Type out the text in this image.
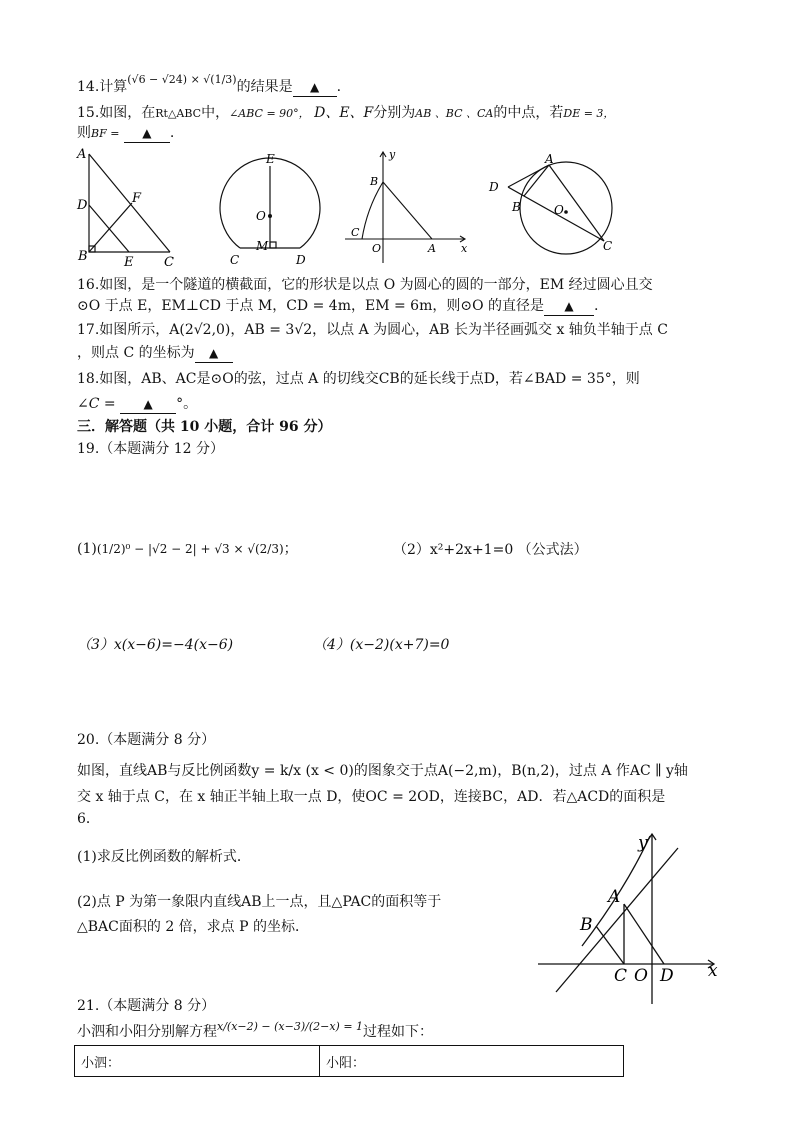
14.计算$^{(√6 - √24) \times √(1/3)}$的结果是 ▲ .
15.如图，在Rt△ABC中，∠ABC = 90°， D、E、F分别为AB 、BC 、CA的中点，若DE = 3，
则BF = ▲ .
A
D	F
B	E C
E
O
C
M
D
y
B
C
O	A x
A
D
B	O
C
16.如图，是一个隧道的横截面，它的形状是以点 O 为圆心的圆的一部分，EM 经过圆心且交
⊙O 于点 E，EM⊥CD 于点 M，CD = 4m，EM = 6m，则⊙O 的直径是 ▲ .
17.如图所示，A(2√2,0)，AB = 3√2，以点 A 为圆心，AB 长为半径画弧交 x 轴负半轴于点 C
，则点 C 的坐标为 ▲
18.如图，AB、AC是⊙O的弦，过点 A 的切线交CB的延长线于点D，若∠BAD = 35°，则
∠C = ▲ °。
三．解答题（共 10 小题，合计 96 分）
19.（本题满分 12 分）
(1)(1/2)⁰ − |√2 − 2| + √3 × √(2/3)；	（2）x²+2x+1=0 （公式法）
（3）x(x−6)=−4(x−6)	（4）(x−2)(x+7)=0
20.（本题满分 8 分）
如图，直线AB与反比例函数y = k/x (x < 0)的图象交于点A(−2,m)，B(n,2)，过点 A 作AC ∥ y轴
交 x 轴于点 C，在 x 轴正半轴上取一点 D，使OC = 2OD，连接BC，AD．若△ACD的面积是
6．
(1)求反比例函数的解析式．
(2)点 P 为第一象限内直线AB上一点，且△PAC的面积等于
△BAC面积的 2 倍，求点 P 的坐标．
y
A
B
C O D x
21.（本题满分 8 分）
小泗和小阳分别解方程$^{x/(x-2) - (x-3)/(2-x) = 1}$过程如下：
小泗：	小阳：
